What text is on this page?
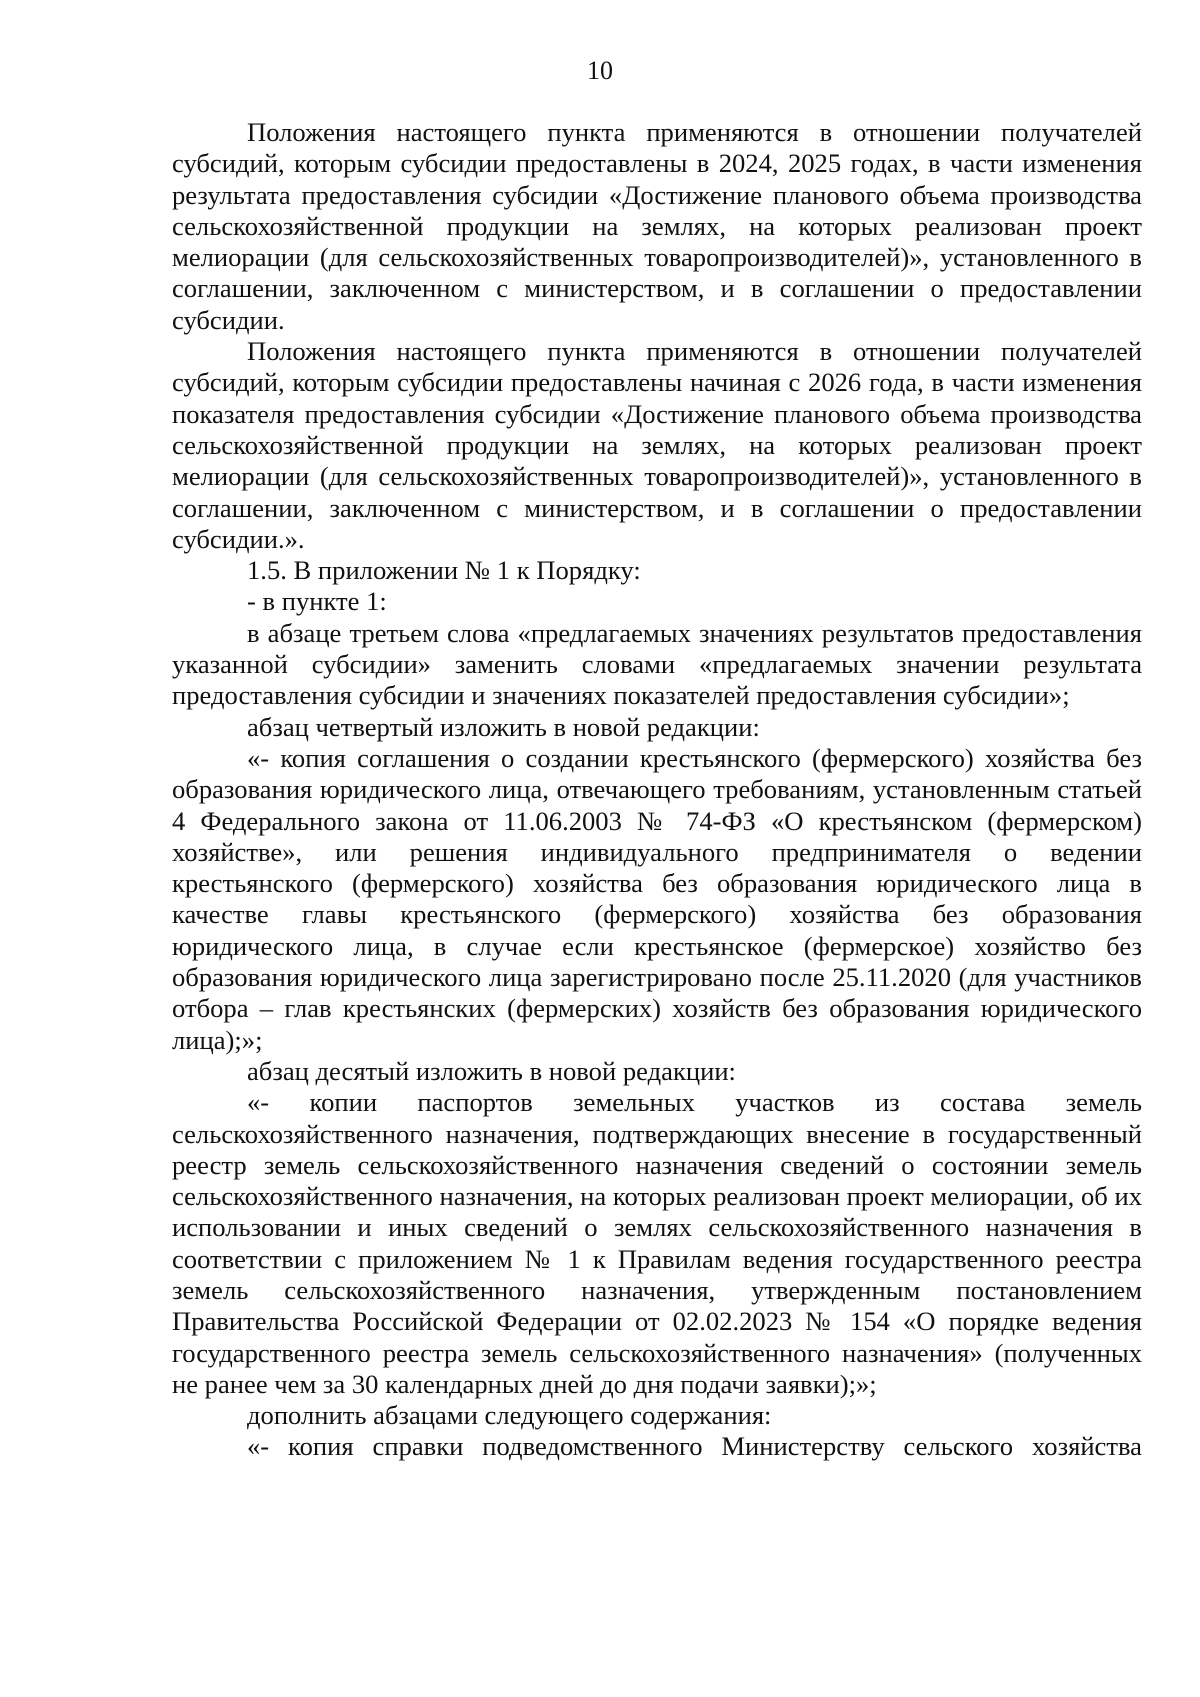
10

Положения настоящего пункта применяются в отношении получателей субсидий, которым субсидии предоставлены в 2024, 2025 годах, в части изменения результата предоставления субсидии «Достижение планового объема производства сельскохозяйственной продукции на землях, на которых реализован проект мелиорации (для сельскохозяйственных товаропроизводителей)», установленного в соглашении, заключенном с министерством, и в соглашении о предоставлении субсидии.

Положения настоящего пункта применяются в отношении получателей субсидий, которым субсидии предоставлены начиная с 2026 года, в части изменения показателя предоставления субсидии «Достижение планового объема производства сельскохозяйственной продукции на землях, на которых реализован проект мелиорации (для сельскохозяйственных товаропроизводителей)», установленного в соглашении, заключенном с министерством, и в соглашении о предоставлении субсидии.».

1.5. В приложении № 1 к Порядку:

- в пункте 1:

в абзаце третьем слова «предлагаемых значениях результатов предоставления указанной субсидии» заменить словами «предлагаемых значении результата предоставления субсидии и значениях показателей предоставления субсидии»;

абзац четвертый изложить в новой редакции:

«- копия соглашения о создании крестьянского (фермерского) хозяйства без образования юридического лица, отвечающего требованиям, установленным статьей 4 Федерального закона от 11.06.2003 № 74-ФЗ «О крестьянском (фермерском) хозяйстве», или решения индивидуального предпринимателя о ведении крестьянского (фермерского) хозяйства без образования юридического лица в качестве главы крестьянского (фермерского) хозяйства без образования юридического лица, в случае если крестьянское (фермерское) хозяйство без образования юридического лица зарегистрировано после 25.11.2020 (для участников отбора – глав крестьянских (фермерских) хозяйств без образования юридического лица);»;

абзац десятый изложить в новой редакции:

«- копии паспортов земельных участков из состава земель сельскохозяйственного назначения, подтверждающих внесение в государственный реестр земель сельскохозяйственного назначения сведений о состоянии земель сельскохозяйственного назначения, на которых реализован проект мелиорации, об их использовании и иных сведений о землях сельскохозяйственного назначения в соответствии с приложением № 1 к Правилам ведения государственного реестра земель сельскохозяйственного назначения, утвержденным постановлением Правительства Российской Федерации от 02.02.2023 № 154 «О порядке ведения государственного реестра земель сельскохозяйственного назначения» (полученных не ранее чем за 30 календарных дней до дня подачи заявки);»;

дополнить абзацами следующего содержания:

«- копия справки подведомственного Министерству сельского хозяйства
